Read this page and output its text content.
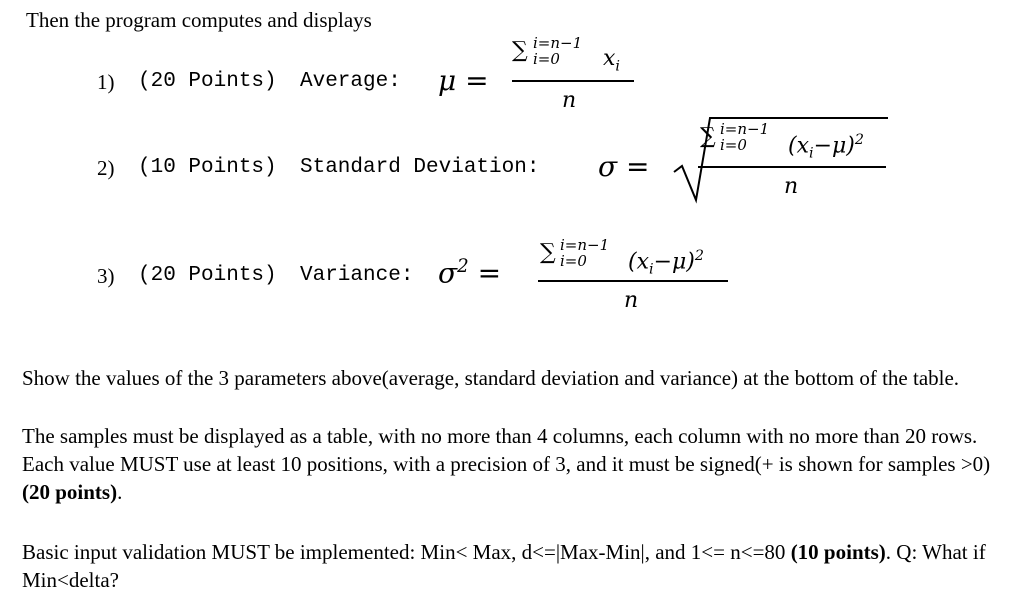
Then the program computes and displays
1) (20 Points) Average: μ =
∑ i=n−1
i=0 $x_i$
n
2) (10 Points) Standard Deviation: σ =
∑ i=n−1
i=0 $(x_i-\mu)^2$
n
3) (20 Points) Variance: $\sigma^2$ =
∑ i=n−1
i=0 $(x_i-\mu)^2$
n
Show the values of the 3 parameters above(average, standard deviation and variance) at the bottom of the table.
The samples must be displayed as a table, with no more than 4 columns, each column with no more than 20 rows. Each value MUST use at least 10 positions, with a precision of 3, and it must be signed(+ is shown for samples >0) (20 points).
Basic input validation MUST be implemented: Min< Max, d<=|Max-Min|, and 1<= n<=80 (10 points). Q: What if Min<delta?
